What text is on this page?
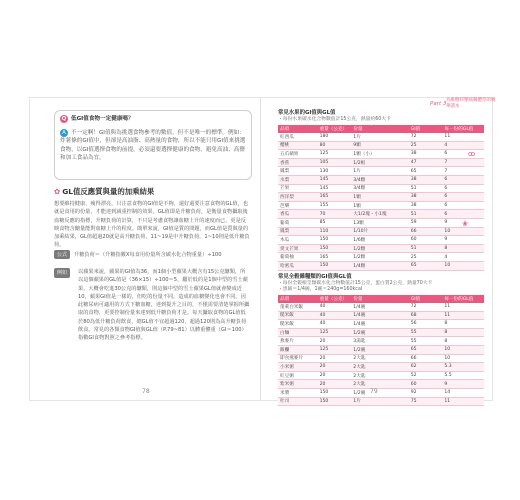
Q 低GI值食物一定健康嗎？
A 不一定啊！GI值與為挑選食物參考的數值，但不是唯一的標準。例如：炸薯條的GI值中，但卻是高油脂、高熱量的食物，所以不能只用GI值來挑選食物，以GI值選擇食物的前提，必須還要選擇健康的食物，避免高油、高鹽和加工食品為宜。
✿ GL值反應質與量的加乘結果
想要維持健康、瘦得漂亮，只注意食物的GI值是不夠，還好還要注意食物的GL值，也就是食用的份量，才能達到減重控制的效果。GL值即是升糖負荷，是衡量食物攝取後血糖反應的指標，升糖負荷的計算，不只是考慮食物讓血糖上升的速度而已，更是反映食物含醣量能對血糖上升的程度。簡單來說，GI值是質的問題，而GL值是質與量的加乘結果，GL值超過20就是高升糖負荷，11~19是中升糖負荷，1~10則是低升糖負荷。
公式 升糖負荷＝（升糖指數Ⅹ每食用份量所含碳水化合物重量）÷100
例如	以蘋果來說，蘋果的GI值為36，而1個小型蘋果大概含有15公克醣類，所以這個蘋果的GL值是（36×15）÷100＝5，屬於低的是1個中型的雪士蘋果，大概會吃進30公克的醣類，則這個中型的雪士蘋果GL值就會變成近10，蘋果GI值是一樣的，但吃的份量不同，造成的血糖變化也會不同。因此糖尿病可適用的方式下糖血糖，達到提升之目的，不僅需要清楚掌握所攝取的食物，更要控制份量來達到低升糖負荷才是。每天攝取食物的GL值低於80為低升糖負荷飲食，總GL值不宜超過120，超過120則為高升糖負荷飲食。常見的各類食物GI值與GL值（P.79~81）以體重體重（GI＝100）指數GI食物對照之參考指標。
78
常見水果的GI值與GL值
・每份水果碳水化合物數值計15公克，熱量約60大卡
品項	重量（公克）	份量	GI值	每一份的GL值
紅西瓜	180	1片	72	11
櫻桃	80	9顆	25	4
五爪蘋果	125	1顆（小）	38	6
香蕉	105	1/2根	47	7
鳳梨	130	1片	65	7
水梨	145	3/4顆	38	6
芒果	145	3/4顆	51	6
西洋梨	165	1顆	38	6
芭樂	155	1顆	38	6
香瓜	70	大1/2塊・小1塊	51	6
葡萄	85	13顆	59	9
鳳梨	110	1/10片	66	10
木瓜	150	1/6顆	60	9
愛文芒果	150	1/2顆	51	8
葡萄柚	165	1/2顆	25	4
哈密瓜	150	1/4顆	65	10
常見全穀雜糧類的GI值與GL值
・每份全穀根莖類碳水化合物數值計15公克，蛋白質2公克，熱量70大卡
・黑飯＝1/4碗，1碗＝240g=160kcal
品項	重量（公克）	份量	GI值	每一份的GL值
蓬萊白米飯	40	1/4碗	72	11
糙米飯	40	1/4碗	68	11
糙米飯	40	1/4碗	56	8
白麵	125	1/2碗	55	8
燕麥片	20	3湯匙	55	8
飯糰	125	1/2碗	65	10
即食燕麥片	20	2大匙	66	10
小米粥	20	2大匙	62	5.3
紅豆粥	20	2大匙	52	5.5
紫米粥	20	2大匙	60	9
米漿	150	1/2碗	92	14
吐司	150	1片	75	11
79
Part 3
為維糖時壓縮關體型的精華讀本
ꝏ
❀
